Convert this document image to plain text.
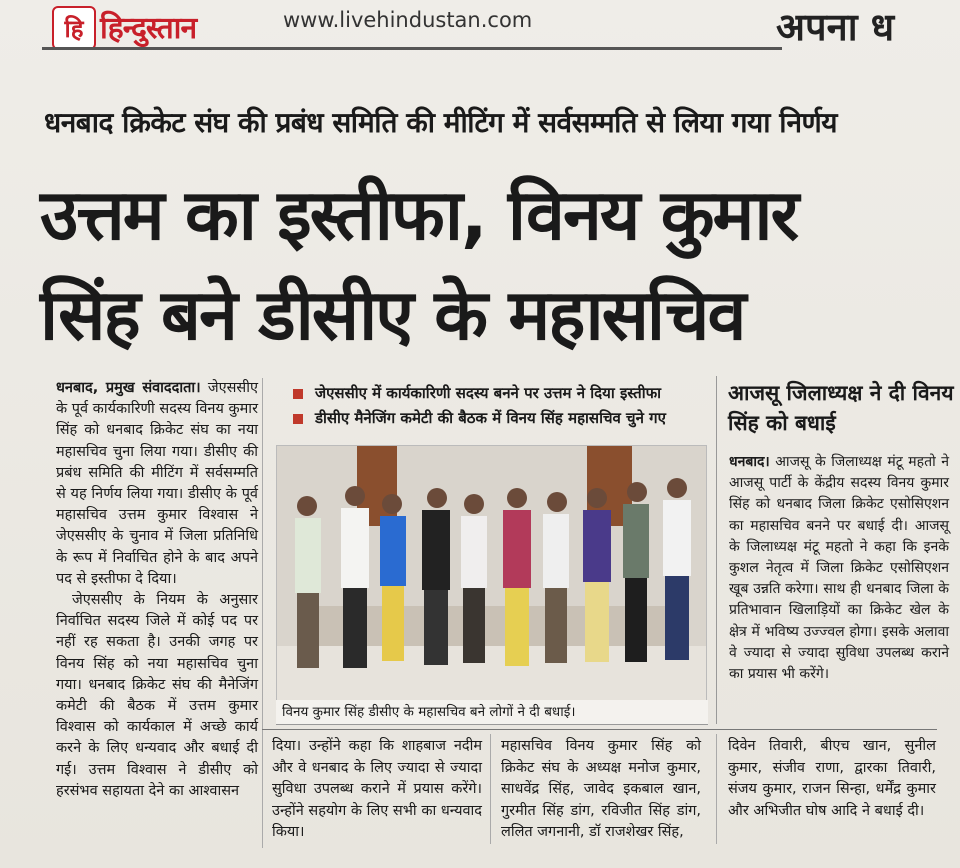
हि हिन्दुस्तान	www.livehindustan.com	अपना ध
धनबाद क्रिकेट संघ की प्रबंध समिति की मीटिंग में सर्वसम्मति से लिया गया निर्णय
उत्तम का इस्तीफा, विनय कुमार
सिंह बने डीसीए के महासचिव

धनबाद, प्रमुख संवाददाता। जेएससीए के पूर्व कार्यकारिणी सदस्य विनय कुमार सिंह को धनबाद क्रिकेट संघ का नया महासचिव चुना लिया गया। डीसीए की प्रबंध समिति की मीटिंग में सर्वसम्मति से यह निर्णय लिया गया। डीसीए के पूर्व महासचिव उत्तम कुमार विश्वास ने जेएससीए के चुनाव में जिला प्रतिनिधि के रूप में निर्वाचित होने के बाद अपने पद से इस्तीफा दे दिया।

जेएससीए के नियम के अनुसार निर्वाचित सदस्य जिले में कोई पद पर नहीं रह सकता है। उनकी जगह पर विनय सिंह को नया महासचिव चुना गया। धनबाद क्रिकेट संघ की मैनेजिंग कमेटी की बैठक में उत्तम कुमार विश्वास को कार्यकाल में अच्छे कार्य करने के लिए धन्यवाद और बधाई दी गई। उत्तम विश्वास ने डीसीए को हरसंभव सहायता देने का आश्वासन

जेएससीए में कार्यकारिणी सदस्य बनने पर उत्तम ने दिया इस्तीफा
डीसीए मैनेजिंग कमेटी की बैठक में विनय सिंह महासचिव चुने गए
विनय कुमार सिंह डीसीए के महासचिव बने लोगों ने दी बधाई।
आजसू जिलाध्यक्ष ने दी विनय सिंह को बधाई
धनबाद। आजसू के जिलाध्यक्ष मंटू महतो ने आजसू पार्टी के केंद्रीय सदस्य विनय कुमार सिंह को धनबाद जिला क्रिकेट एसोसिएशन का महासचिव बनने पर बधाई दी। आजसू के जिलाध्यक्ष मंटू महतो ने कहा कि इनके कुशल नेतृत्व में जिला क्रिकेट एसोसिएशन खूब उन्नति करेगा। साथ ही धनबाद जिला के प्रतिभावान खिलाड़ियों का क्रिकेट खेल के क्षेत्र में भविष्य उज्ज्वल होगा। इसके अलावा वे ज्यादा से ज्यादा सुविधा उपलब्ध कराने का प्रयास भी करेंगे।
दिया। उन्होंने कहा कि शाहबाज नदीम और वे धनबाद के लिए ज्यादा से ज्यादा सुविधा उपलब्ध कराने में प्रयास करेंगे। उन्होंने सहयोग के लिए सभी का धन्यवाद किया।
महासचिव विनय कुमार सिंह को क्रिकेट संघ के अध्यक्ष मनोज कुमार, साधवेंद्र सिंह, जावेद इकबाल खान, गुरमीत सिंह डांग, रविजीत सिंह डांग, ललित जगनानी, डॉ राजशेखर सिंह,
दिवेन तिवारी, बीएच खान, सुनील कुमार, संजीव राणा, द्वारका तिवारी, संजय कुमार, राजन सिन्हा, धर्मेंद्र कुमार और अभिजीत घोष आदि ने बधाई दी।
